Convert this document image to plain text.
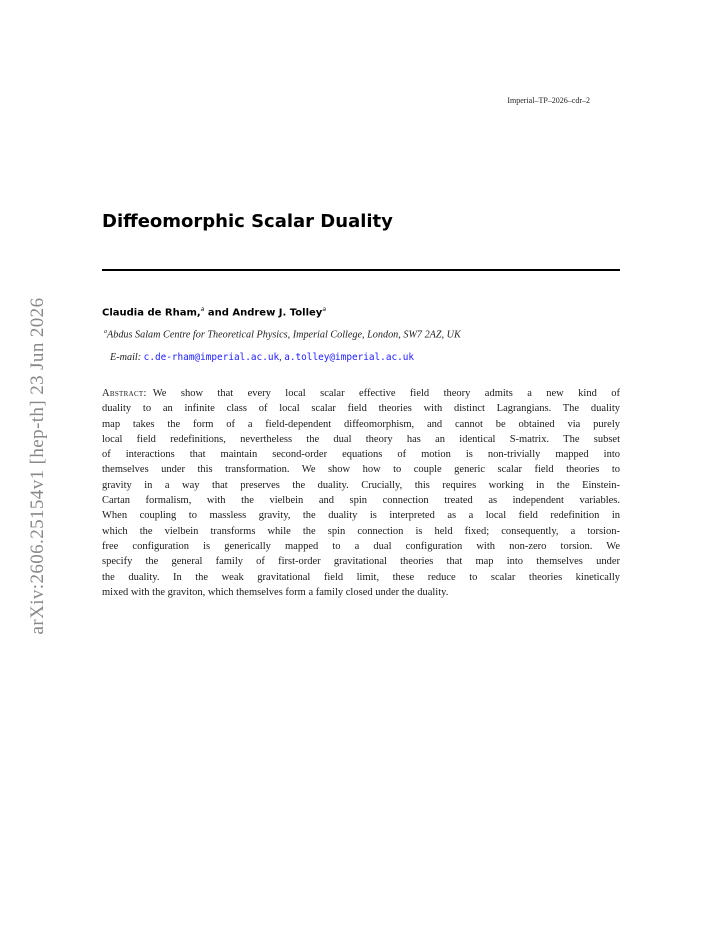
Imperial–TP–2026–cdr–2
arXiv:2606.25154v1 [hep-th] 23 Jun 2026
Diffeomorphic Scalar Duality
Claudia de Rham,$^a$ and Andrew J. Tolley$^a$
$^a$Abdus Salam Centre for Theoretical Physics, Imperial College, London, SW7 2AZ, UK
E-mail: c.de-rham@imperial.ac.uk, a.tolley@imperial.ac.uk
Abstract: We show that every local scalar effective field theory admits a new kind of
duality to an infinite class of local scalar field theories with distinct Lagrangians. The duality
map takes the form of a field-dependent diffeomorphism, and cannot be obtained via purely
local field redefinitions, nevertheless the dual theory has an identical S-matrix. The subset
of interactions that maintain second-order equations of motion is non-trivially mapped into
themselves under this transformation. We show how to couple generic scalar field theories to
gravity in a way that preserves the duality. Crucially, this requires working in the Einstein-
Cartan formalism, with the vielbein and spin connection treated as independent variables.
When coupling to massless gravity, the duality is interpreted as a local field redefinition in
which the vielbein transforms while the spin connection is held fixed; consequently, a torsion-
free configuration is generically mapped to a dual configuration with non-zero torsion. We
specify the general family of first-order gravitational theories that map into themselves under
the duality. In the weak gravitational field limit, these reduce to scalar theories kinetically
mixed with the graviton, which themselves form a family closed under the duality.
